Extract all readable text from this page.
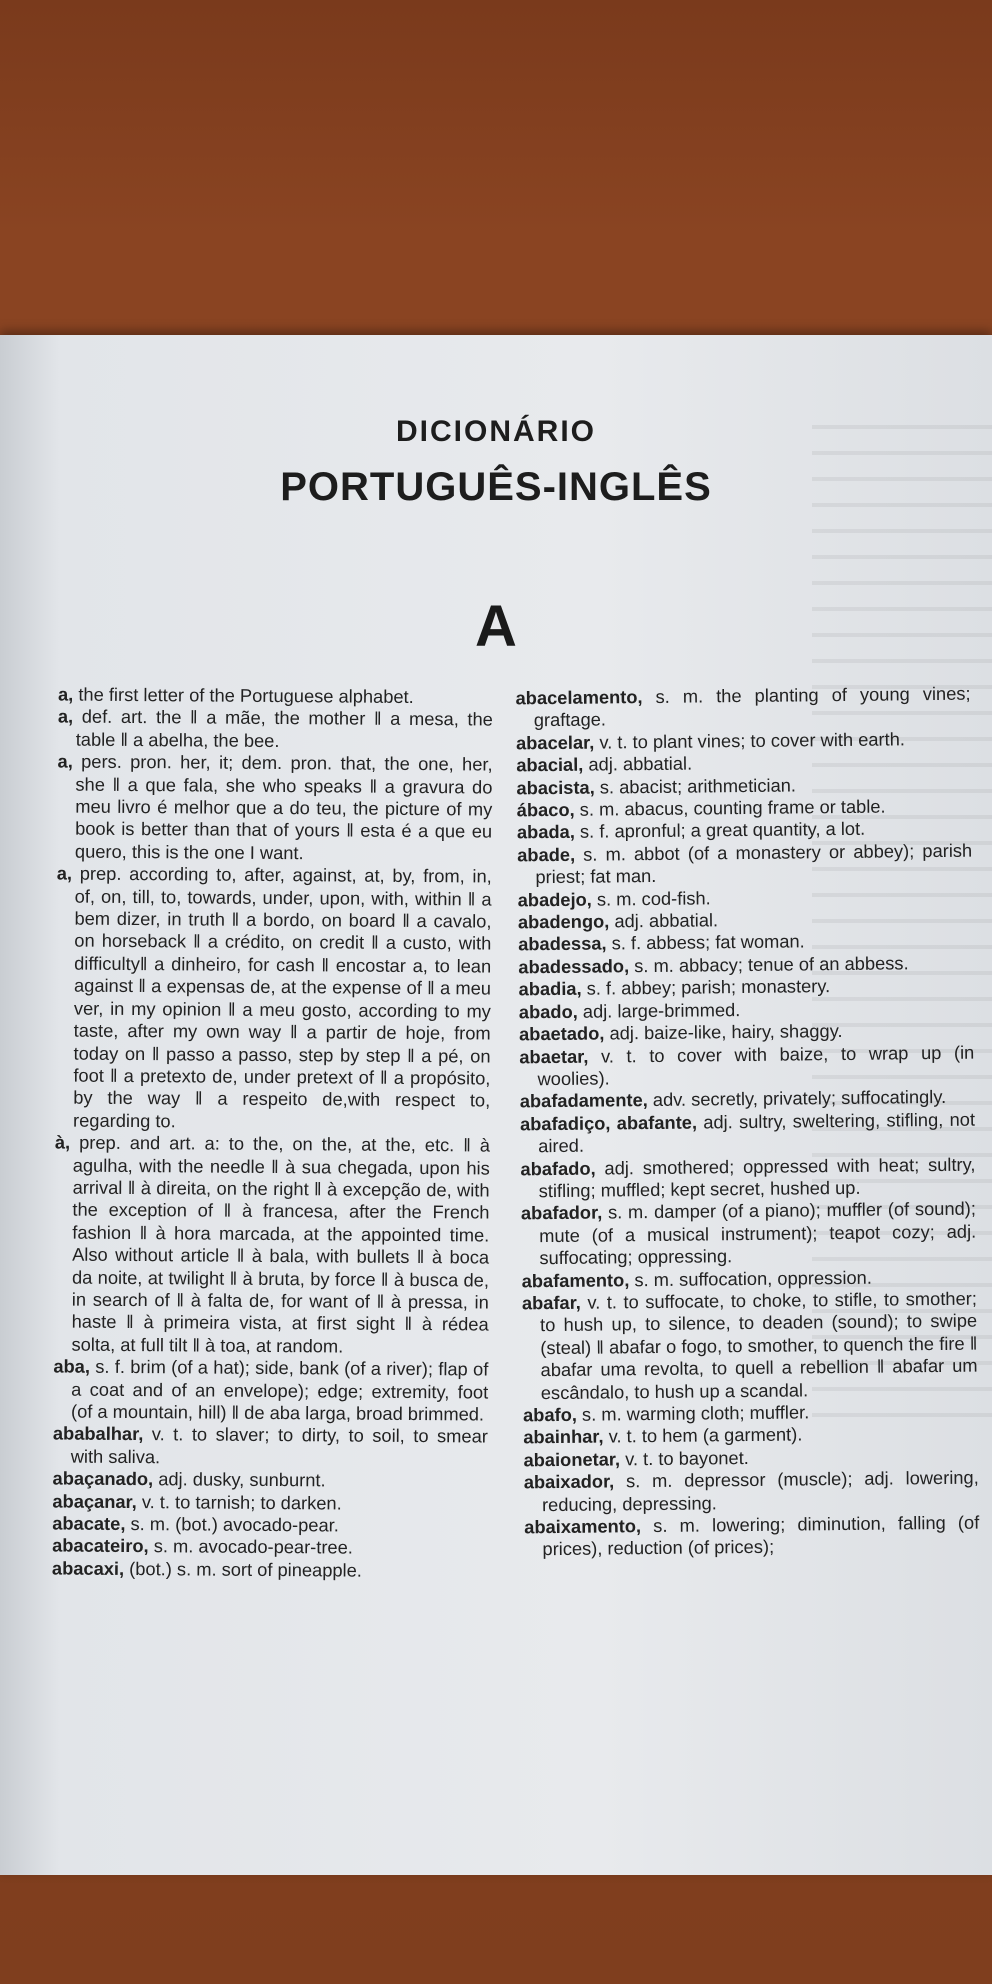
DICIONÁRIO
PORTUGUÊS-INGLÊS
A

a, the first letter of the Portuguese alphabet.

a, def. art. the ‖ a mãe, the mother ‖ a mesa, the table ‖ a abelha, the bee.

a, pers. pron. her, it; dem. pron. that, the one, her, she ‖ a que fala, she who speaks ‖ a gravura do meu livro é melhor que a do teu, the picture of my book is better than that of yours ‖ esta é a que eu quero, this is the one I want.

a, prep. according to, after, against, at, by, from, in, of, on, till, to, towards, under, upon, with, within ‖ a bem dizer, in truth ‖ a bordo, on board ‖ a cavalo, on horseback ‖ a crédito, on credit ‖ a custo, with difficulty‖ a dinheiro, for cash ‖ encostar a, to lean against ‖ a expensas de, at the expense of ‖ a meu ver, in my opinion ‖ a meu gosto, according to my taste, after my own way ‖ a partir de hoje, from today on ‖ passo a passo, step by step ‖ a pé, on foot ‖ a pretexto de, under pretext of ‖ a propósito, by the way ‖ a respeito de,with respect to, regarding to.

à, prep. and art. a: to the, on the, at the, etc. ‖ à agulha, with the needle ‖ à sua chegada, upon his arrival ‖ à direita, on the right ‖ à excepção de, with the exception of ‖ à francesa, after the French fashion ‖ à hora marcada, at the appointed time. Also without article ‖ à bala, with bullets ‖ à boca da noite, at twilight ‖ à bruta, by force ‖ à busca de, in search of ‖ à falta de, for want of ‖ à pressa, in haste ‖ à primeira vista, at first sight ‖ à rédea solta, at full tilt ‖ à toa, at random.

aba, s. f. brim (of a hat); side, bank (of a river); flap of a coat and of an envelope); edge; extremity, foot (of a mountain, hill) ‖ de aba larga, broad brimmed.

ababalhar, v. t. to slaver; to dirty, to soil, to smear with saliva.

abaçanado, adj. dusky, sunburnt.

abaçanar, v. t. to tarnish; to darken.

abacate, s. m. (bot.) avocado-pear.

abacateiro, s. m. avocado-pear-tree.

abacaxi, (bot.) s. m. sort of pineapple.

abacelamento, s. m. the planting of young vines; graftage.

abacelar, v. t. to plant vines; to cover with earth.

abacial, adj. abbatial.

abacista, s. abacist; arithmetician.

ábaco, s. m. abacus, counting frame or table.

abada, s. f. apronful; a great quantity, a lot.

abade, s. m. abbot (of a monastery or abbey); parish priest; fat man.

abadejo, s. m. cod-fish.

abadengo, adj. abbatial.

abadessa, s. f. abbess; fat woman.

abadessado, s. m. abbacy; tenue of an abbess.

abadia, s. f. abbey; parish; monastery.

abado, adj. large-brimmed.

abaetado, adj. baize-like, hairy, shaggy.

abaetar, v. t. to cover with baize, to wrap up (in woolies).

abafadamente, adv. secretly, privately; suffocatingly.

abafadiço, abafante, adj. sultry, sweltering, stifling, not aired.

abafado, adj. smothered; oppressed with heat; sultry, stifling; muffled; kept secret, hushed up.

abafador, s. m. damper (of a piano); muffler (of sound); mute (of a musical instrument); teapot cozy; adj. suffocating; oppressing.

abafamento, s. m. suffocation, oppression.

abafar, v. t. to suffocate, to choke, to stifle, to smother; to hush up, to silence, to deaden (sound); to swipe (steal) ‖ abafar o fogo, to smother, to quench the fire ‖ abafar uma revolta, to quell a rebellion ‖ abafar um escândalo, to hush up a scandal.

abafo, s. m. warming cloth; muffler.

abainhar, v. t. to hem (a garment).

abaionetar, v. t. to bayonet.

abaixador, s. m. depressor (muscle); adj. lowering, reducing, depressing.

abaixamento, s. m. lowering; diminution, falling (of prices), reduction (of prices);
